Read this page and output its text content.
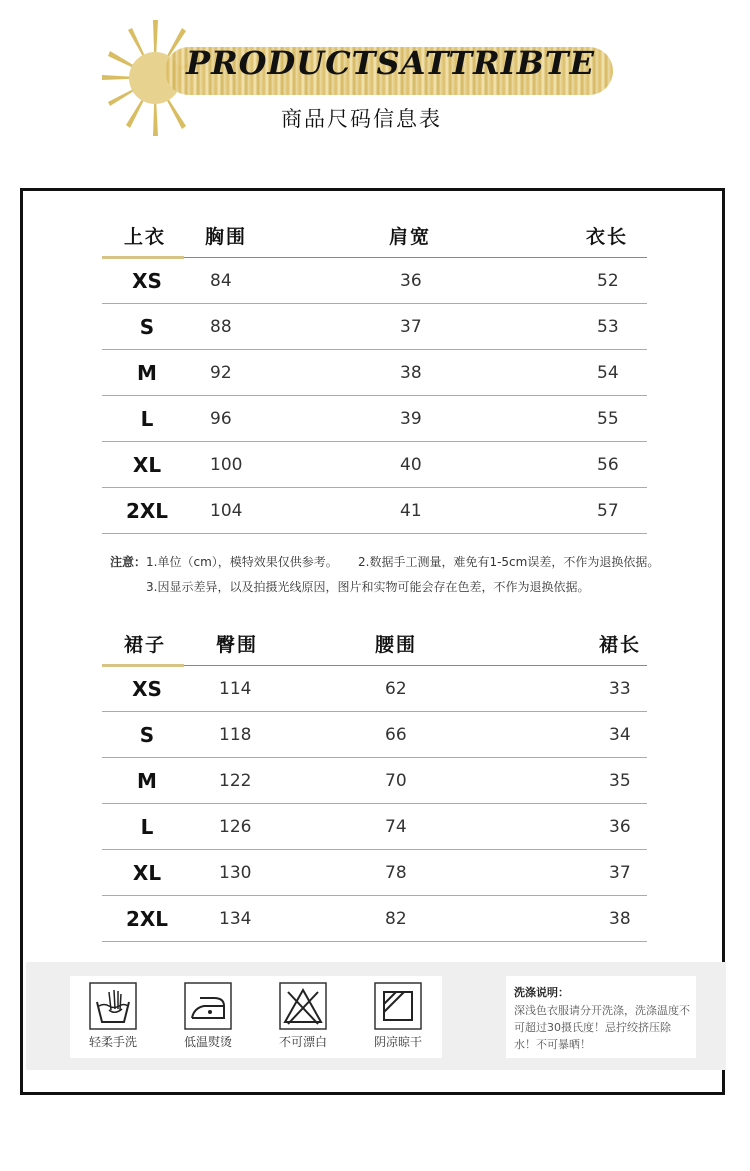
PRODUCTSATTRIBTE
商品尺码信息表
上衣 胸围	肩宽	衣长
XS	84	36	52
S	88	37	53
M	92	38	54
L	96	39	55
XL	100	40	56
2XL	104	41	57
注意：1.单位（cm），模特效果仅供参考。 2.数据手工测量，难免有1-5cm误差，不作为退换依据。
3.因显示差异，以及拍摄光线原因，图片和实物可能会存在色差，不作为退换依据。
裙子	臀围	腰围	裙长
XS	114	62	33
S	118	66	34
M	122	70	35
L	126	74	36
XL	130	78	37
2XL	134	82	38
轻柔手洗	低温熨烫	不可漂白	阴凉晾干
洗涤说明：
深浅色衣服请分开洗涤，洗涤温度不可超过30摄氏度！忌拧绞挤压除水！不可暴晒！
